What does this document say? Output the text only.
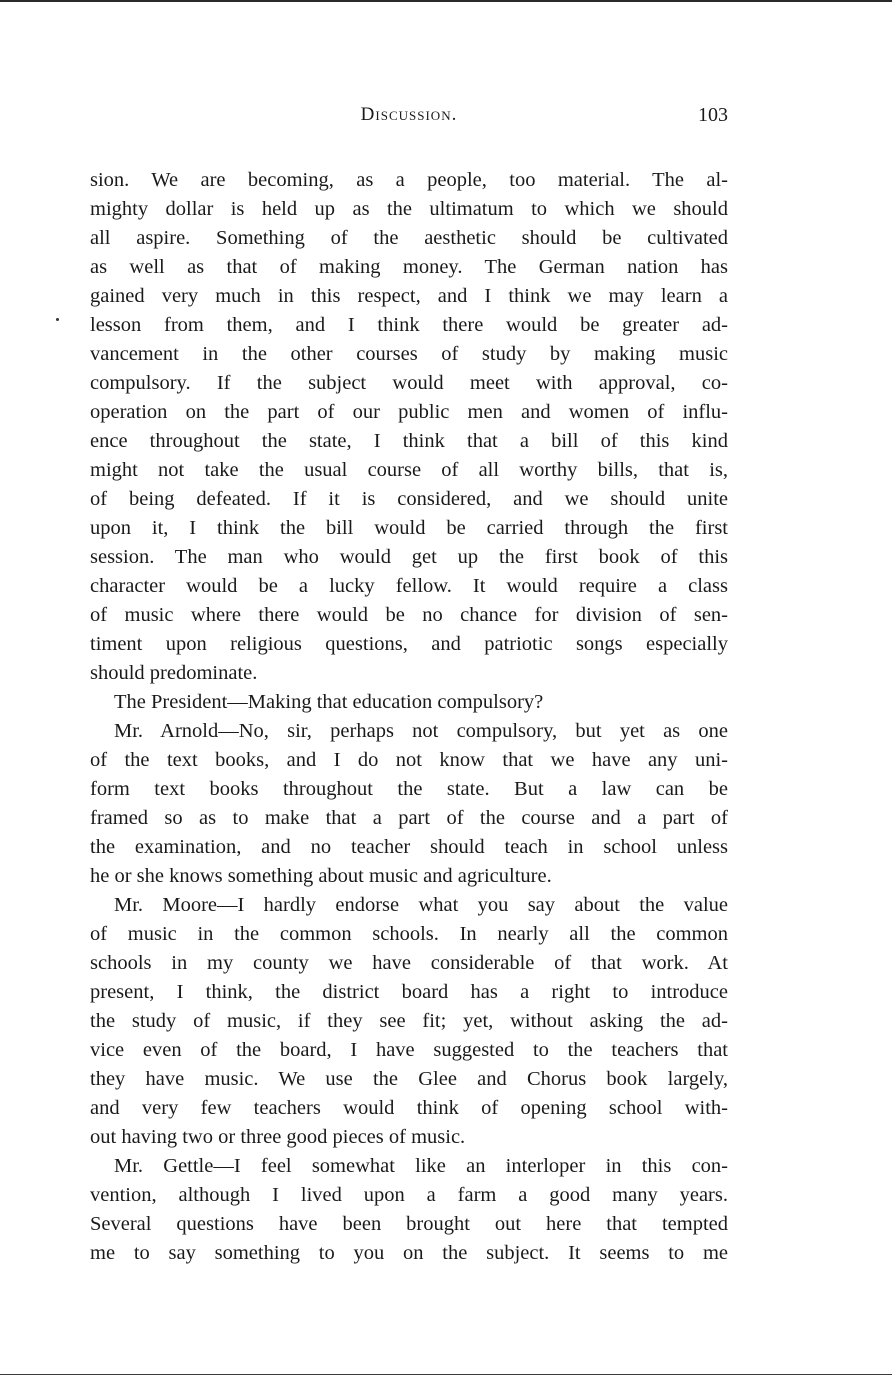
Discussion.	103
sion. We are becoming, as a people, too material. The al-
mighty dollar is held up as the ultimatum to which we should
all aspire. Something of the aesthetic should be cultivated
as well as that of making money. The German nation has
gained very much in this respect, and I think we may learn a
lesson from them, and I think there would be greater ad-
vancement in the other courses of study by making music
compulsory. If the subject would meet with approval, co-
operation on the part of our public men and women of influ-
ence throughout the state, I think that a bill of this kind
might not take the usual course of all worthy bills, that is,
of being defeated. If it is considered, and we should unite
upon it, I think the bill would be carried through the first
session. The man who would get up the first book of this
character would be a lucky fellow. It would require a class
of music where there would be no chance for division of sen-
timent upon religious questions, and patriotic songs especially
should predominate.
The President—Making that education compulsory?
Mr. Arnold—No, sir, perhaps not compulsory, but yet as one
of the text books, and I do not know that we have any uni-
form text books throughout the state. But a law can be
framed so as to make that a part of the course and a part of
the examination, and no teacher should teach in school unless
he or she knows something about music and agriculture.
Mr. Moore—I hardly endorse what you say about the value
of music in the common schools. In nearly all the common
schools in my county we have considerable of that work. At
present, I think, the district board has a right to introduce
the study of music, if they see fit; yet, without asking the ad-
vice even of the board, I have suggested to the teachers that
they have music. We use the Glee and Chorus book largely,
and very few teachers would think of opening school with-
out having two or three good pieces of music.
Mr. Gettle—I feel somewhat like an interloper in this con-
vention, although I lived upon a farm a good many years.
Several questions have been brought out here that tempted
me to say something to you on the subject. It seems to me
